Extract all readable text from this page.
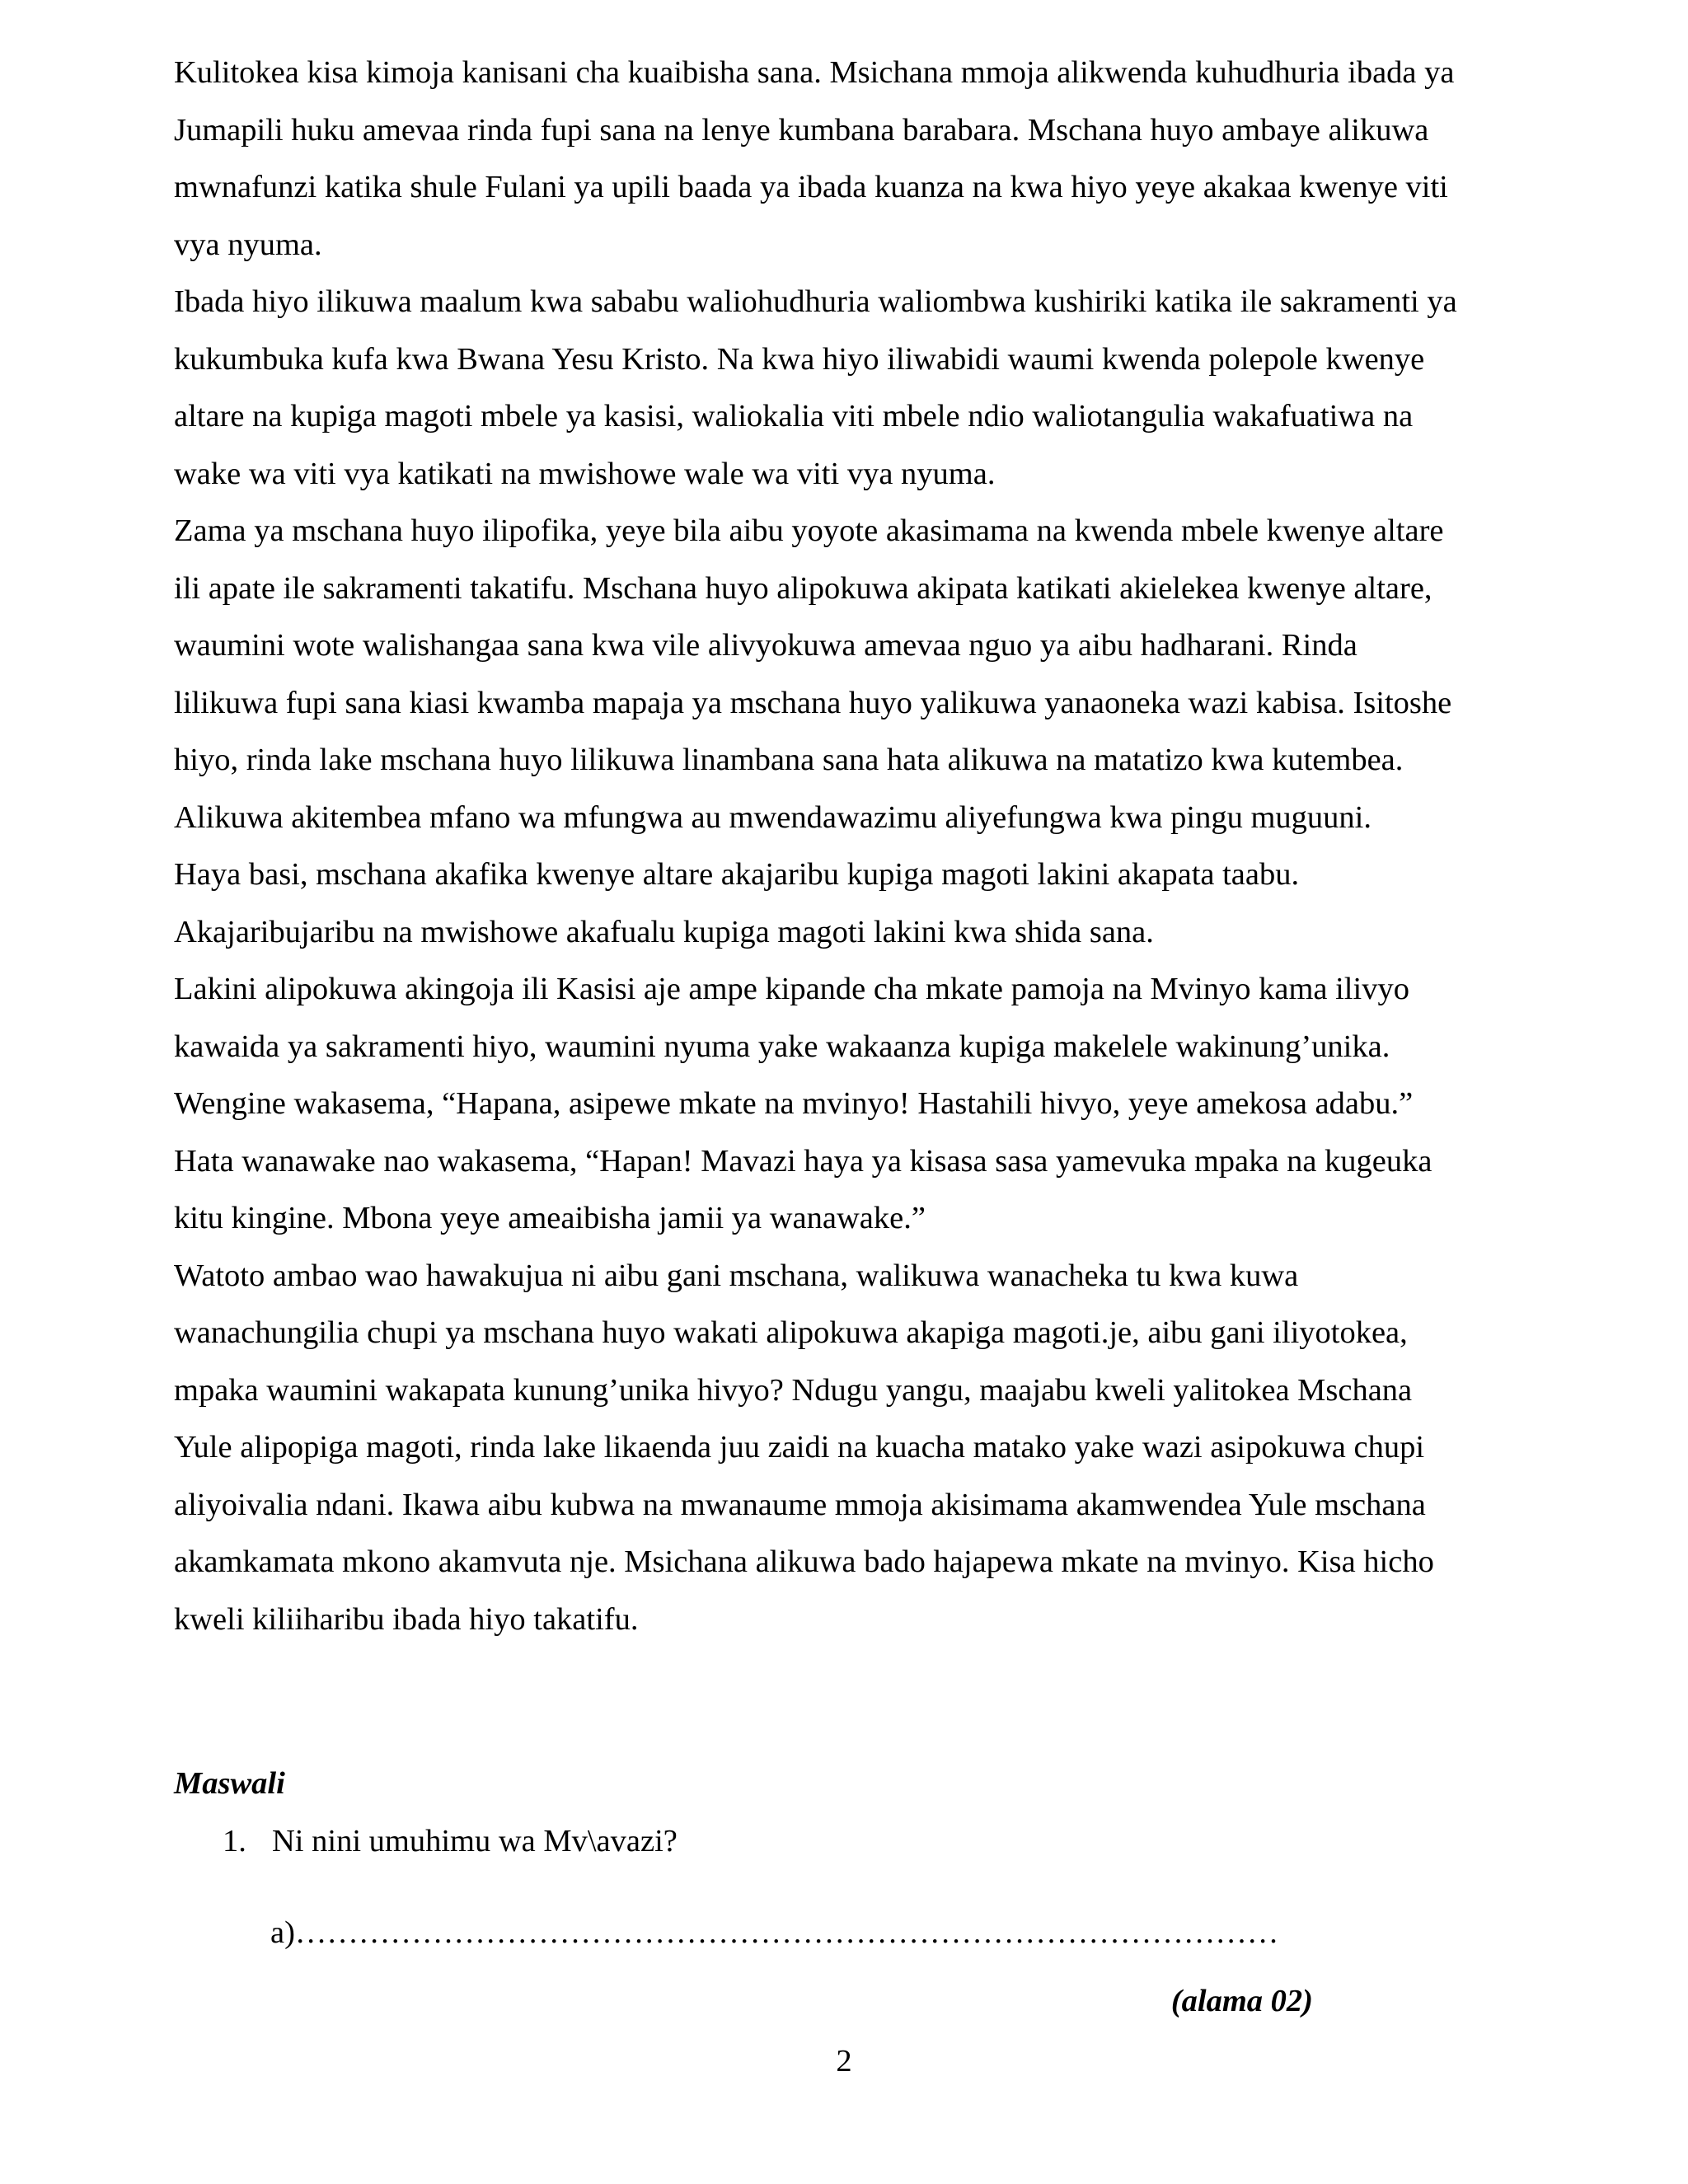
Kulitokea kisa kimoja kanisani cha kuaibisha sana. Msichana mmoja alikwenda kuhudhuria ibada ya
Jumapili huku amevaa rinda fupi sana na lenye kumbana barabara. Mschana huyo ambaye alikuwa
mwnafunzi katika shule Fulani ya upili baada ya ibada kuanza na kwa hiyo yeye akakaa kwenye viti
vya nyuma.
Ibada hiyo ilikuwa maalum kwa sababu waliohudhuria waliombwa kushiriki katika ile sakramenti ya
kukumbuka kufa kwa Bwana Yesu Kristo. Na kwa hiyo iliwabidi waumi kwenda polepole kwenye
altare na kupiga magoti mbele ya kasisi, waliokalia viti mbele ndio waliotangulia wakafuatiwa na
wake wa viti vya katikati na mwishowe wale wa viti vya nyuma.
Zama ya mschana huyo ilipofika, yeye bila aibu yoyote akasimama na kwenda mbele kwenye altare
ili apate ile sakramenti takatifu. Mschana huyo alipokuwa akipata katikati akielekea kwenye altare,
waumini wote walishangaa sana kwa vile alivyokuwa amevaa nguo ya aibu hadharani. Rinda
lilikuwa fupi sana kiasi kwamba mapaja ya mschana huyo yalikuwa yanaoneka wazi kabisa. Isitoshe
hiyo, rinda lake mschana huyo lilikuwa linambana sana hata alikuwa na matatizo kwa kutembea.
Alikuwa akitembea mfano wa mfungwa au mwendawazimu aliyefungwa kwa pingu muguuni.
Haya basi, mschana akafika kwenye altare akajaribu kupiga magoti lakini akapata taabu.
Akajaribujaribu na mwishowe akafualu kupiga magoti lakini kwa shida sana.
Lakini alipokuwa akingoja ili Kasisi aje ampe kipande cha mkate pamoja na Mvinyo kama ilivyo
kawaida ya sakramenti hiyo, waumini nyuma yake wakaanza kupiga makelele wakinung’unika.
Wengine wakasema, “Hapana, asipewe mkate na mvinyo! Hastahili hivyo, yeye amekosa adabu.”
Hata wanawake nao wakasema, “Hapan! Mavazi haya ya kisasa sasa yamevuka mpaka na kugeuka
kitu kingine. Mbona yeye ameaibisha jamii ya wanawake.”
Watoto ambao wao hawakujua ni aibu gani mschana, walikuwa wanacheka tu kwa kuwa
wanachungilia chupi ya mschana huyo wakati alipokuwa akapiga magoti.je, aibu gani iliyotokea,
mpaka waumini wakapata kunung’unika hivyo? Ndugu yangu, maajabu kweli yalitokea Mschana
Yule alipopiga magoti, rinda lake likaenda juu zaidi na kuacha matako yake wazi asipokuwa chupi
aliyoivalia ndani. Ikawa aibu kubwa na mwanaume mmoja akisimama akamwendea Yule mschana
akamkamata mkono akamvuta nje. Msichana alikuwa bado hajapewa mkate na mvinyo. Kisa hicho
kweli kiliiharibu ibada hiyo takatifu.

Maswali

1. Ni nini umuhimu wa Mv\avazi?

a)…………………………………………………………………………………

(alama 02)

2
